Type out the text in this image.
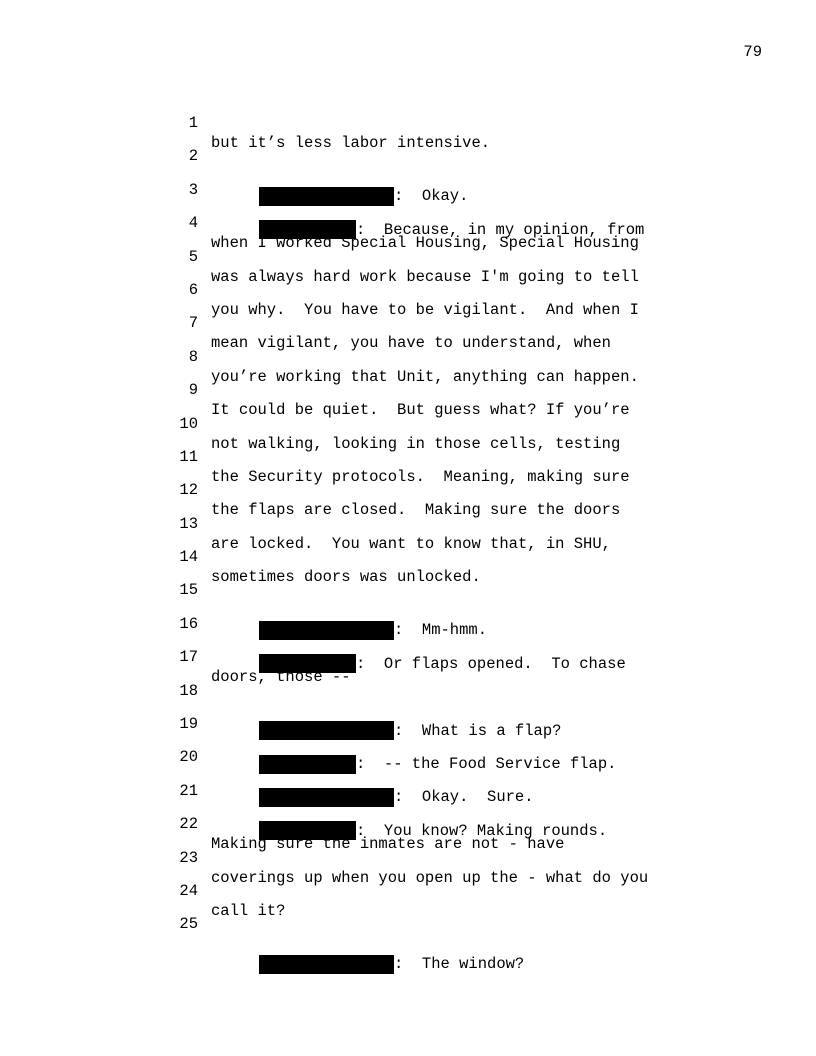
79

1

but it’s less labor intensive.

2

:  Okay.

3

:  Because, in my opinion, from

4

when I worked Special Housing, Special Housing

5

was always hard work because I'm going to tell

6

you why.  You have to be vigilant.  And when I

7

mean vigilant, you have to understand, when

8

you’re working that Unit, anything can happen.

9

It could be quiet.  But guess what? If you’re

10

not walking, looking in those cells, testing

11

the Security protocols.  Meaning, making sure

12

the flaps are closed.  Making sure the doors

13

are locked.  You want to know that, in SHU,

14

sometimes doors was unlocked.

15

:  Mm-hmm.

16

:  Or flaps opened.  To chase

17

doors, those --

18

:  What is a flap?

19

:  -- the Food Service flap.

20

:  Okay.  Sure.

21

:  You know? Making rounds.

22

Making sure the inmates are not - have

23

coverings up when you open up the - what do you

24

call it?

25

:  The window?
